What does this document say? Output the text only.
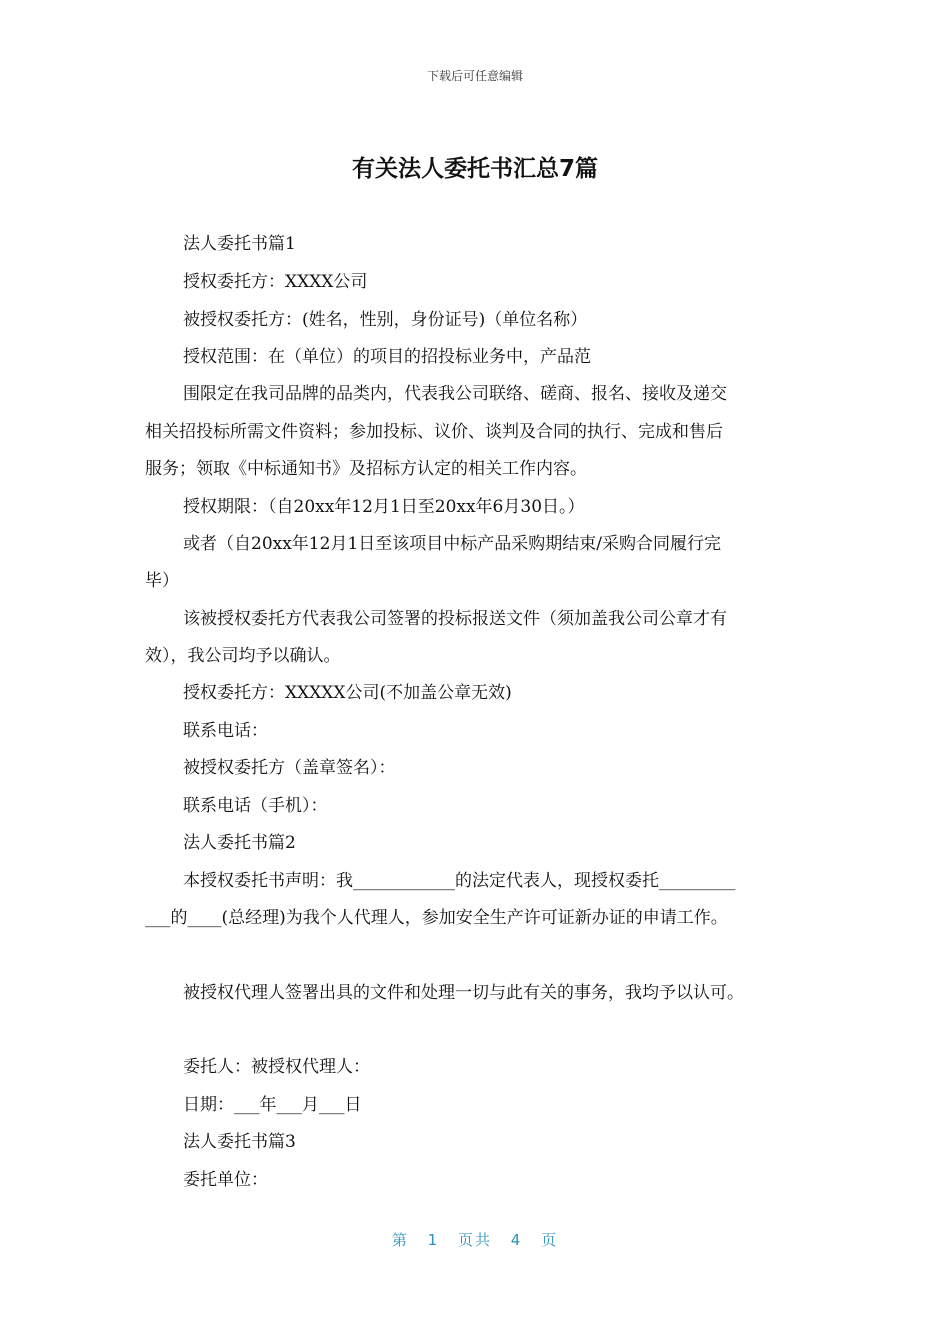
下载后可任意编辑
有关法人委托书汇总7篇
法人委托书篇1
授权委托方：XXXX公司
被授权委托方：(姓名，性别，身份证号)（单位名称）
授权范围：在（单位）的项目的招投标业务中，产品范
围限定在我司品牌的品类内，代表我公司联络、磋商、报名、接收及递交
相关招投标所需文件资料；参加投标、议价、谈判及合同的执行、完成和售后
服务；领取《中标通知书》及招标方认定的相关工作内容。
授权期限：（自20xx年12月1日至20xx年6月30日。）
或者（自20xx年12月1日至该项目中标产品采购期结束/采购合同履行完
毕）
该被授权委托方代表我公司签署的投标报送文件（须加盖我公司公章才有
效），我公司均予以确认。
授权委托方：XXXXX公司(不加盖公章无效)
联系电话：
被授权委托方（盖章签名）：
联系电话（手机）：
法人委托书篇2
本授权委托书声明：我____________的法定代表人，现授权委托_________
___的____(总经理)为我个人代理人，参加安全生产许可证新办证的申请工作。
被授权代理人签署出具的文件和处理一切与此有关的事务，我均予以认可。
委托人：被授权代理人：
日期：___年___月___日
法人委托书篇3
委托单位：
第 1 页共 4 页
